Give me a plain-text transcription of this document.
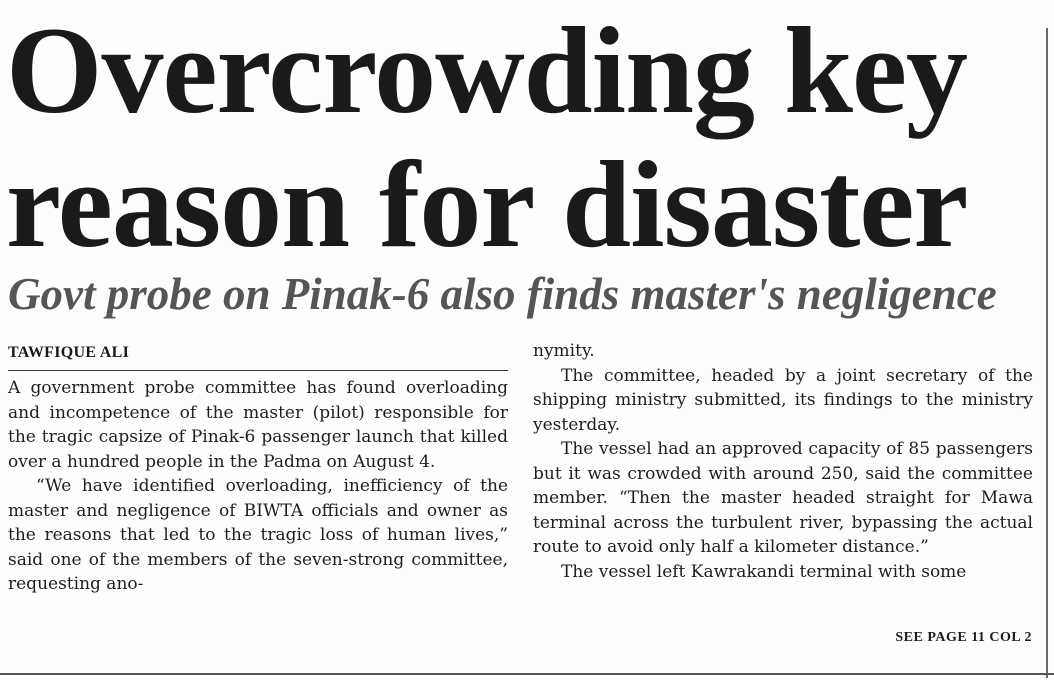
Overcrowding key reason for disaster
Govt probe on Pinak-6 also finds master's negligence
TAWFIQUE ALI

A government probe committee has found overloading and incompetence of the master (pilot) responsible for the tragic capsize of Pinak-6 passenger launch that killed over a hundred people in the Padma on August 4.

“We have identified overloading, inefficiency of the master and negligence of BIWTA officials and owner as the reasons that led to the tragic loss of human lives,” said one of the members of the seven-strong committee, requesting ano-

nymity.

The committee, headed by a joint secretary of the shipping ministry submitted, its findings to the ministry yesterday.

The vessel had an approved capacity of 85 passengers but it was crowded with around 250, said the committee member. “Then the master headed straight for Mawa terminal across the turbulent river, bypassing the actual route to avoid only half a kilometer distance.”

The vessel left Kawrakandi terminal with some

SEE PAGE 11 COL 2
